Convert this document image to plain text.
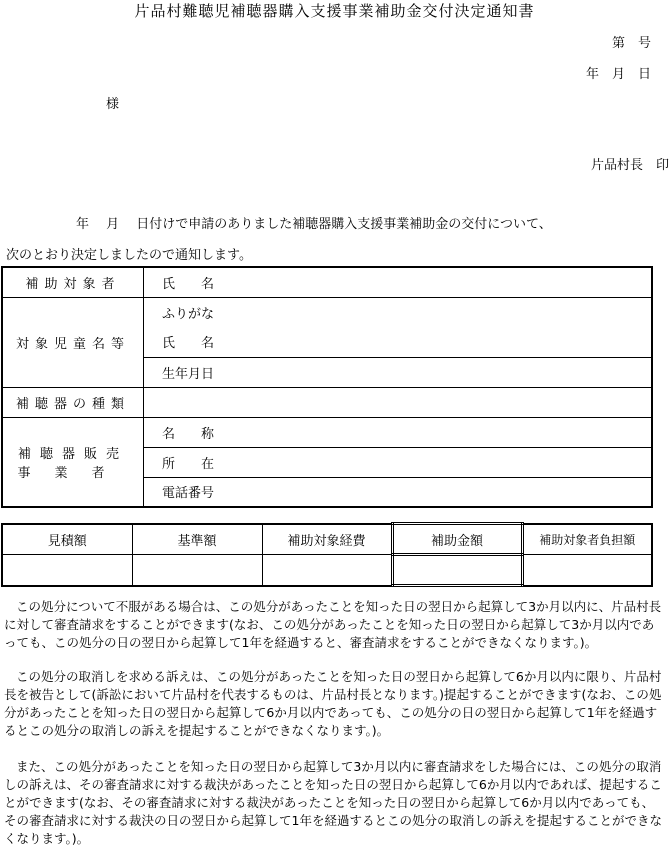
片品村難聴児補聴器購入支援事業補助金交付決定通知書
第　号
年　月　日
様
片品村長　印
年　 月　 日付けで申請のありました補聴器購入支援事業補助金の交付について、
次のとおり決定しましたので通知します。
補助対象者	氏　　名
対象児童名等	ふりがな
	氏　　名
	生年月日
補聴器の種類	

補聴器販売
事業者	名　　称
	所　　在
	電話番号
見積額	基準額	補助対象経費	補助金額	補助対象者負担額

この処分について不服がある場合は、この処分があったことを知った日の翌日から起算して3か月以内に、片品村長に対して審査請求をすることができます(なお、この処分があったことを知った日の翌日から起算して3か月以内であっても、この処分の日の翌日から起算して1年を経過すると、審査請求をすることができなくなります。)。
この処分の取消しを求める訴えは、この処分があったことを知った日の翌日から起算して6か月以内に限り、片品村長を被告として(訴訟において片品村を代表するものは、片品村長となります。)提起することができます(なお、この処分があったことを知った日の翌日から起算して6か月以内であっても、この処分の日の翌日から起算して1年を経過するとこの処分の取消しの訴えを提起することができなくなります。)。
また、この処分があったことを知った日の翌日から起算して3か月以内に審査請求をした場合には、この処分の取消しの訴えは、その審査請求に対する裁決があったことを知った日の翌日から起算して6か月以内であれば、提起することができます(なお、その審査請求に対する裁決があったことを知った日の翌日から起算して6か月以内であっても、その審査請求に対する裁決の日の翌日から起算して1年を経過するとこの処分の取消しの訴えを提起することができなくなります。)。
